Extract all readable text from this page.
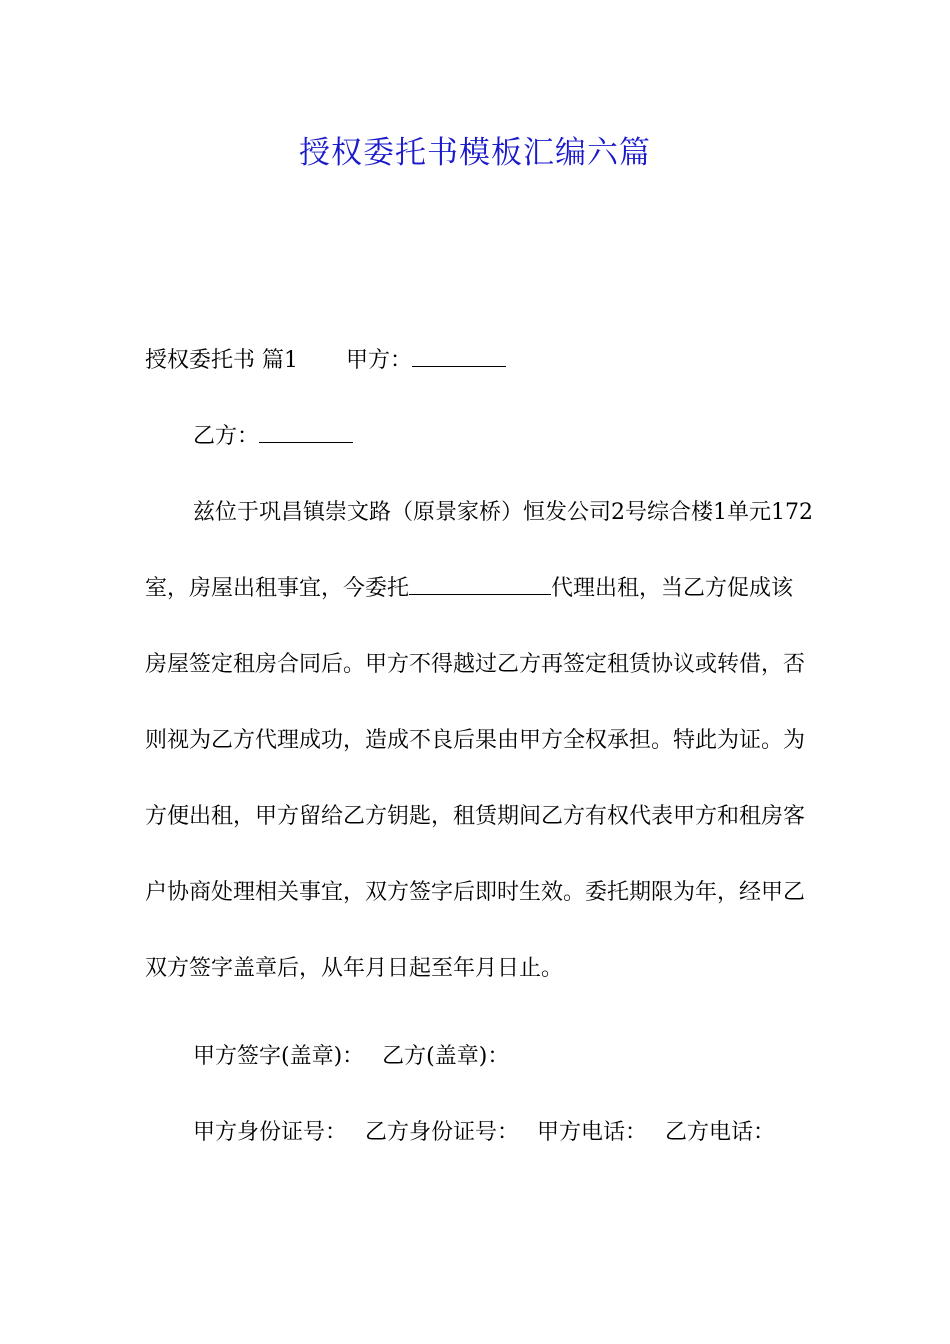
授权委托书模板汇编六篇

授权委托书 篇1 甲方：

乙方：

兹位于巩昌镇崇文路（原景家桥）恒发公司2号综合楼1单元172室，房屋出租事宜，今委托	代理出租，当乙方促成该房屋签定租房合同后。甲方不得越过乙方再签定租赁协议或转借，否则视为乙方代理成功，造成不良后果由甲方全权承担。特此为证。为方便出租，甲方留给乙方钥匙，租赁期间乙方有权代表甲方和租房客户协商处理相关事宜，双方签字后即时生效。委托期限为年，经甲乙双方签字盖章后，从年月日起至年月日止。

甲方签字(盖章)： 乙方(盖章)：

甲方身份证号： 乙方身份证号： 甲方电话： 乙方电话：
